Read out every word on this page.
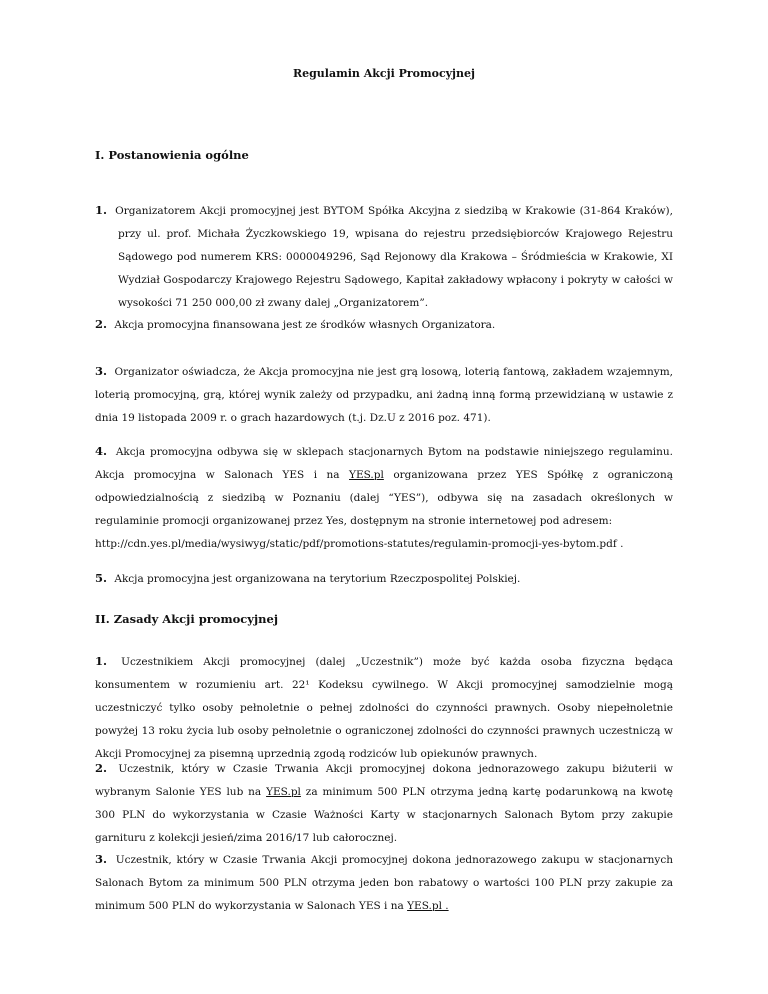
Regulamin Akcji Promocyjnej
I. Postanowienia ogólne
1. Organizatorem Akcji promocyjnej jest BYTOM Spółka Akcyjna z siedzibą w Krakowie (31-864 Kraków), przy ul. prof. Michała Życzkowskiego 19, wpisana do rejestru przedsiębiorców Krajowego Rejestru Sądowego pod numerem KRS: 0000049296, Sąd Rejonowy dla Krakowa – Śródmieścia w Krakowie, XI Wydział Gospodarczy Krajowego Rejestru Sądowego, Kapitał zakładowy wpłacony i pokryty w całości w wysokości 71 250 000,00 zł zwany dalej „Organizatorem”.
2. Akcja promocyjna finansowana jest ze środków własnych Organizatora.
3. Organizator oświadcza, że Akcja promocyjna nie jest grą losową, loterią fantową, zakładem wzajemnym, loterią promocyjną, grą, której wynik zależy od przypadku, ani żadną inną formą przewidzianą w ustawie z dnia 19 listopada 2009 r. o grach hazardowych (t.j. Dz.U z 2016 poz. 471).
4. Akcja promocyjna odbywa się w sklepach stacjonarnych Bytom na podstawie niniejszego regulaminu. Akcja promocyjna w Salonach YES i na YES.pl organizowana przez YES Spółkę z ograniczoną odpowiedzialnością z siedzibą w Poznaniu (dalej “YES”), odbywa się na zasadach określonych w regulaminie promocji organizowanej przez Yes, dostępnym na stronie internetowej pod adresem:
http://cdn.yes.pl/media/wysiwyg/static/pdf/promotions-statutes/regulamin-promocji-yes-bytom.pdf .
5. Akcja promocyjna jest organizowana na terytorium Rzeczpospolitej Polskiej.
II. Zasady Akcji promocyjnej
1. Uczestnikiem Akcji promocyjnej (dalej „Uczestnik”) może być każda osoba fizyczna będąca konsumentem w rozumieniu art. 22¹ Kodeksu cywilnego. W Akcji promocyjnej samodzielnie mogą uczestniczyć tylko osoby pełnoletnie o pełnej zdolności do czynności prawnych. Osoby niepełnoletnie powyżej 13 roku życia lub osoby pełnoletnie o ograniczonej zdolności do czynności prawnych uczestniczą w Akcji Promocyjnej za pisemną uprzednią zgodą rodziców lub opiekunów prawnych.
2. Uczestnik, który w Czasie Trwania Akcji promocyjnej dokona jednorazowego zakupu biżuterii w wybranym Salonie YES lub na YES.pl za minimum 500 PLN otrzyma jedną kartę podarunkową na kwotę 300 PLN do wykorzystania w Czasie Ważności Karty w stacjonarnych Salonach Bytom przy zakupie garnituru z kolekcji jesień/zima 2016/17 lub całorocznej.
3. Uczestnik, który w Czasie Trwania Akcji promocyjnej dokona jednorazowego zakupu w stacjonarnych Salonach Bytom za minimum 500 PLN otrzyma jeden bon rabatowy o wartości 100 PLN przy zakupie za minimum 500 PLN do wykorzystania w Salonach YES i na YES.pl .
